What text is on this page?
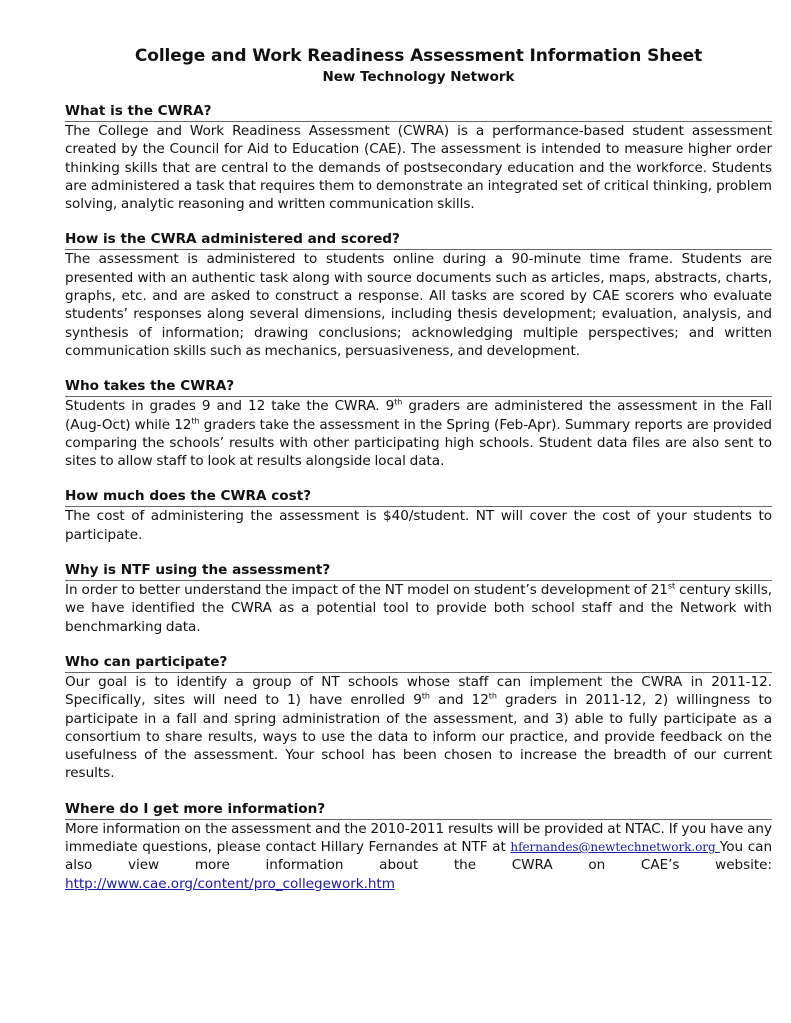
College and Work Readiness Assessment Information Sheet
New Technology Network
What is the CWRA?

The College and Work Readiness Assessment (CWRA) is a performance-based student assessment created by the Council for Aid to Education (CAE). The assessment is intended to measure higher order thinking skills that are central to the demands of postsecondary education and the workforce. Students are administered a task that requires them to demonstrate an integrated set of critical thinking, problem solving, analytic reasoning and written communication skills.

How is the CWRA administered and scored?

The assessment is administered to students online during a 90-minute time frame. Students are presented with an authentic task along with source documents such as articles, maps, abstracts, charts, graphs, etc. and are asked to construct a response. All tasks are scored by CAE scorers who evaluate students’ responses along several dimensions, including thesis development; evaluation, analysis, and synthesis of information; drawing conclusions; acknowledging multiple perspectives; and written communication skills such as mechanics, persuasiveness, and development.

Who takes the CWRA?

Students in grades 9 and 12 take the CWRA. 9th graders are administered the assessment in the Fall (Aug-Oct) while 12th graders take the assessment in the Spring (Feb-Apr). Summary reports are provided comparing the schools’ results with other participating high schools. Student data files are also sent to sites to allow staff to look at results alongside local data.

How much does the CWRA cost?

The cost of administering the assessment is $40/student. NT will cover the cost of your students to participate.

Why is NTF using the assessment?

In order to better understand the impact of the NT model on student’s development of 21st century skills, we have identified the CWRA as a potential tool to provide both school staff and the Network with benchmarking data.

Who can participate?

Our goal is to identify a group of NT schools whose staff can implement the CWRA in 2011-12. Specifically, sites will need to 1) have enrolled 9th and 12th graders in 2011-12, 2) willingness to participate in a fall and spring administration of the assessment, and 3) able to fully participate as a consortium to share results, ways to use the data to inform our practice, and provide feedback on the usefulness of the assessment. Your school has been chosen to increase the breadth of our current results.

Where do I get more information?

More information on the assessment and the 2010-2011 results will be provided at NTAC. If you have any immediate questions, please contact Hillary Fernandes at NTF at hfernandes@newtechnetwork.org You can also view more information about the CWRA on CAE’s website: http://www.cae.org/content/pro_collegework.htm
